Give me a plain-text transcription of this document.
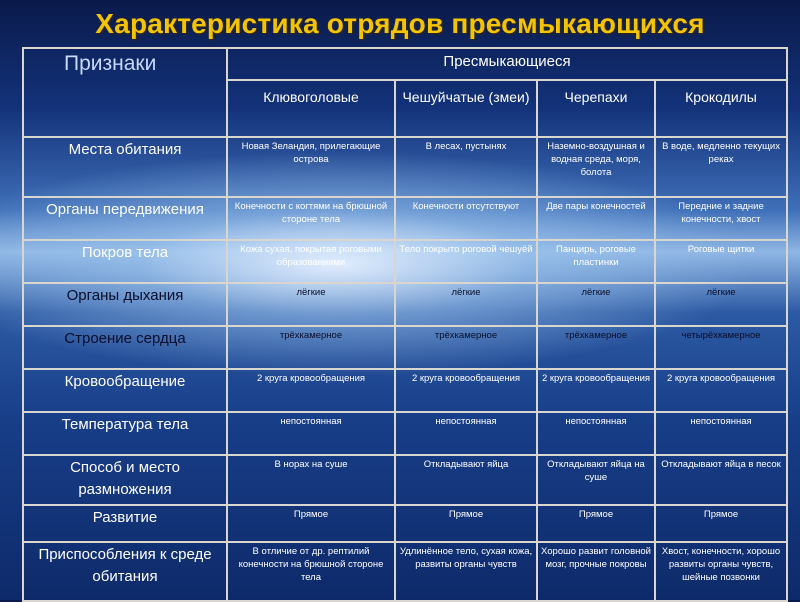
Характеристика отрядов пресмыкающихся
Признаки	Пресмыкающиеся			
	Клювоголовые	Чешуйчатые (змеи)	Черепахи	Крокодилы
Места обитания	Новая Зеландия, прилегающие острова	В лесах, пустынях	Наземно-воздушная и водная среда, моря, болота	В воде, медленно текущих реках
Органы передвижения	Конечности с когтями на брюшной стороне тела	Конечности отсутствуют	Две пары конечностей	Передние и задние конечности, хвост
Покров тела	Кожа сухая, покрытая роговыми образованиями	Тело покрыто роговой чешуёй	Панцирь, роговые пластинки	Роговые щитки
Органы дыхания	лёгкие	лёгкие	лёгкие	лёгкие
Строение сердца	трёхкамерное	трёхкамерное	трёхкамерное	четырёхкамерное
Кровообращение	2 круга кровообращения	2 круга кровообращения	2 круга кровообращения	2 круга кровообращения
Температура тела	непостоянная	непостоянная	непостоянная	непостоянная
Способ и место размножения	В норах на суше	Откладывают яйца	Откладывают яйца на суше	Откладывают яйца в песок
Развитие	Прямое	Прямое	Прямое	Прямое
Приспособления к среде обитания	В отличие от др. рептилий конечности на брюшной стороне тела	Удлинённое тело, сухая кожа, развиты органы чувств	Хорошо развит головной мозг, прочные покровы	Хвост, конечности, хорошо развиты органы чувств, шейные позвонки
